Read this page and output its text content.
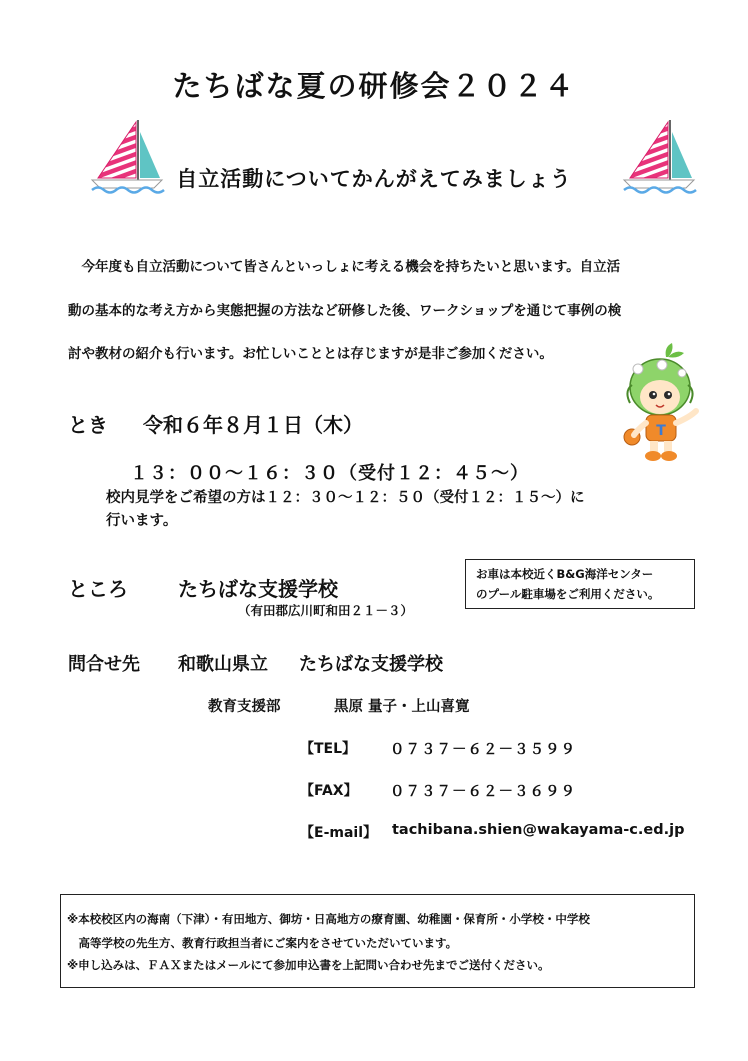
たちばな夏の研修会２０２４
自立活動についてかんがえてみましょう
　今年度も自立活動について皆さんといっしょに考える機会を持ちたいと思います。自立活
動の基本的な考え方から実態把握の方法など研修した後、ワークショップを通じて事例の検
討や教材の紹介も行います。お忙しいこととは存じますが是非ご参加ください。
T
とき 令和６年８月１日（木）
１３：００～１６：３０（受付１２：４５～）
校内見学をご希望の方は１２：３０～１２：５０（受付１２：１５～）に
行います。
ところ	たちばな支援学校
（有田郡広川町和田２１－３）
お車は本校近くB&G海洋センター
のプール駐車場をご利用ください。
問合せ先 和歌山県立 たちばな支援学校
教育支援部	黒原 量子・上山喜寛
【TEL】 ０７３７－６２－３５９９
【FAX】 ０７３７－６２－３６９９
【E-mail】 tachibana.shien@wakayama-c.ed.jp
※本校校区内の海南（下津）・有田地方、御坊・日高地方の療育園、幼稚園・保育所・小学校・中学校
　高等学校の先生方、教育行政担当者にご案内をさせていただいています。
※申し込みは、ＦＡＸまたはメールにて参加申込書を上記問い合わせ先までご送付ください。
